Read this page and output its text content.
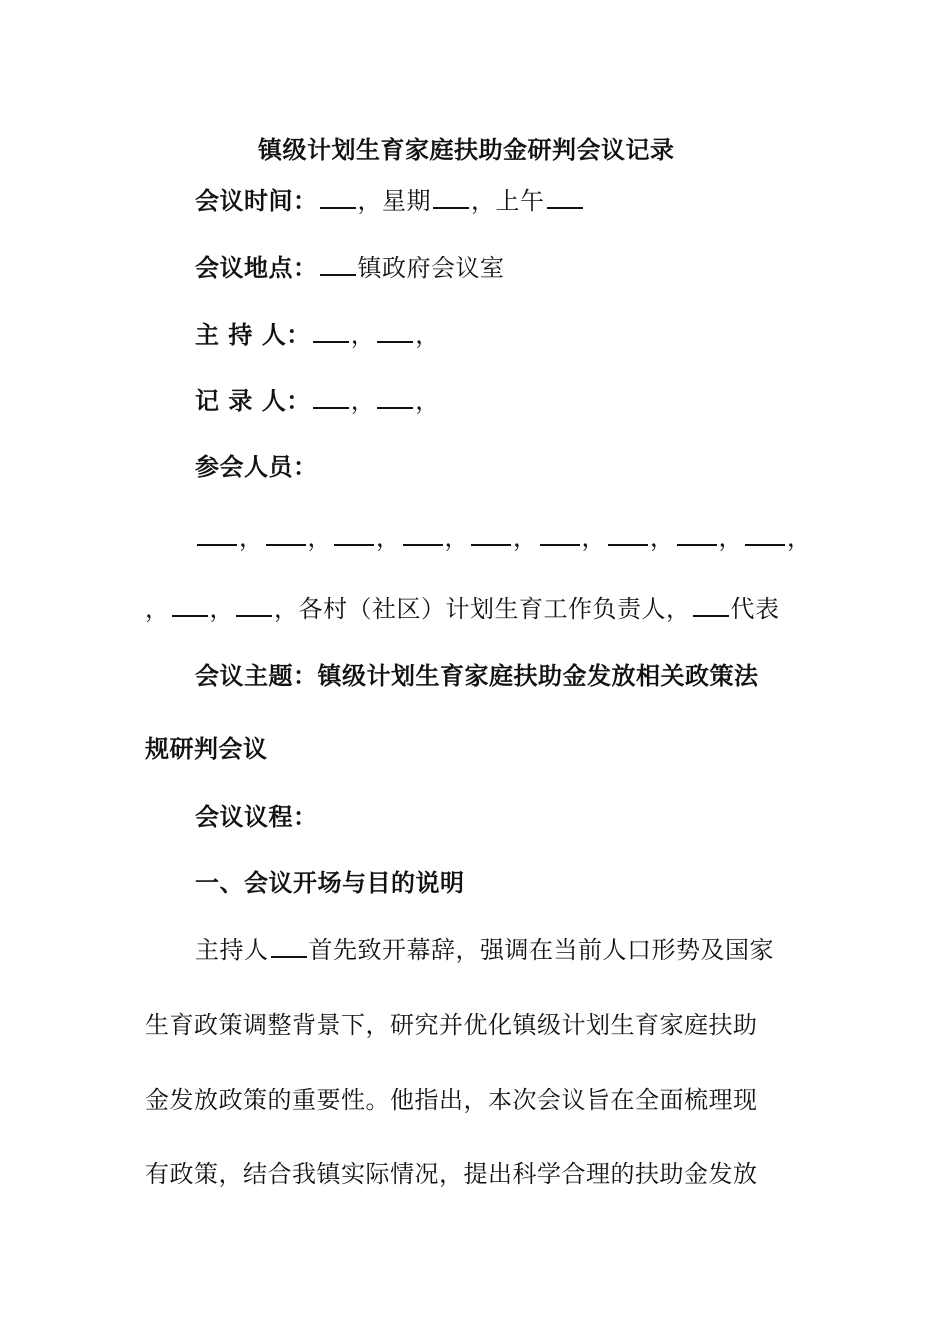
镇级计划生育家庭扶助金研判会议记录
会议时间： ，星期 ，上午
会议地点： 镇政府会议室
主 持 人： ， ，
记 录 人： ， ，
参会人员：
， ， ， ， ， ， ， ， ，
， ， ，各村（社区）计划生育工作负责人， 代表
会议主题：镇级计划生育家庭扶助金发放相关政策法
规研判会议
会议议程：
一、会议开场与目的说明
主持人 首先致开幕辞，强调在当前人口形势及国家
生育政策调整背景下，研究并优化镇级计划生育家庭扶助
金发放政策的重要性。他指出，本次会议旨在全面梳理现
有政策，结合我镇实际情况，提出科学合理的扶助金发放
